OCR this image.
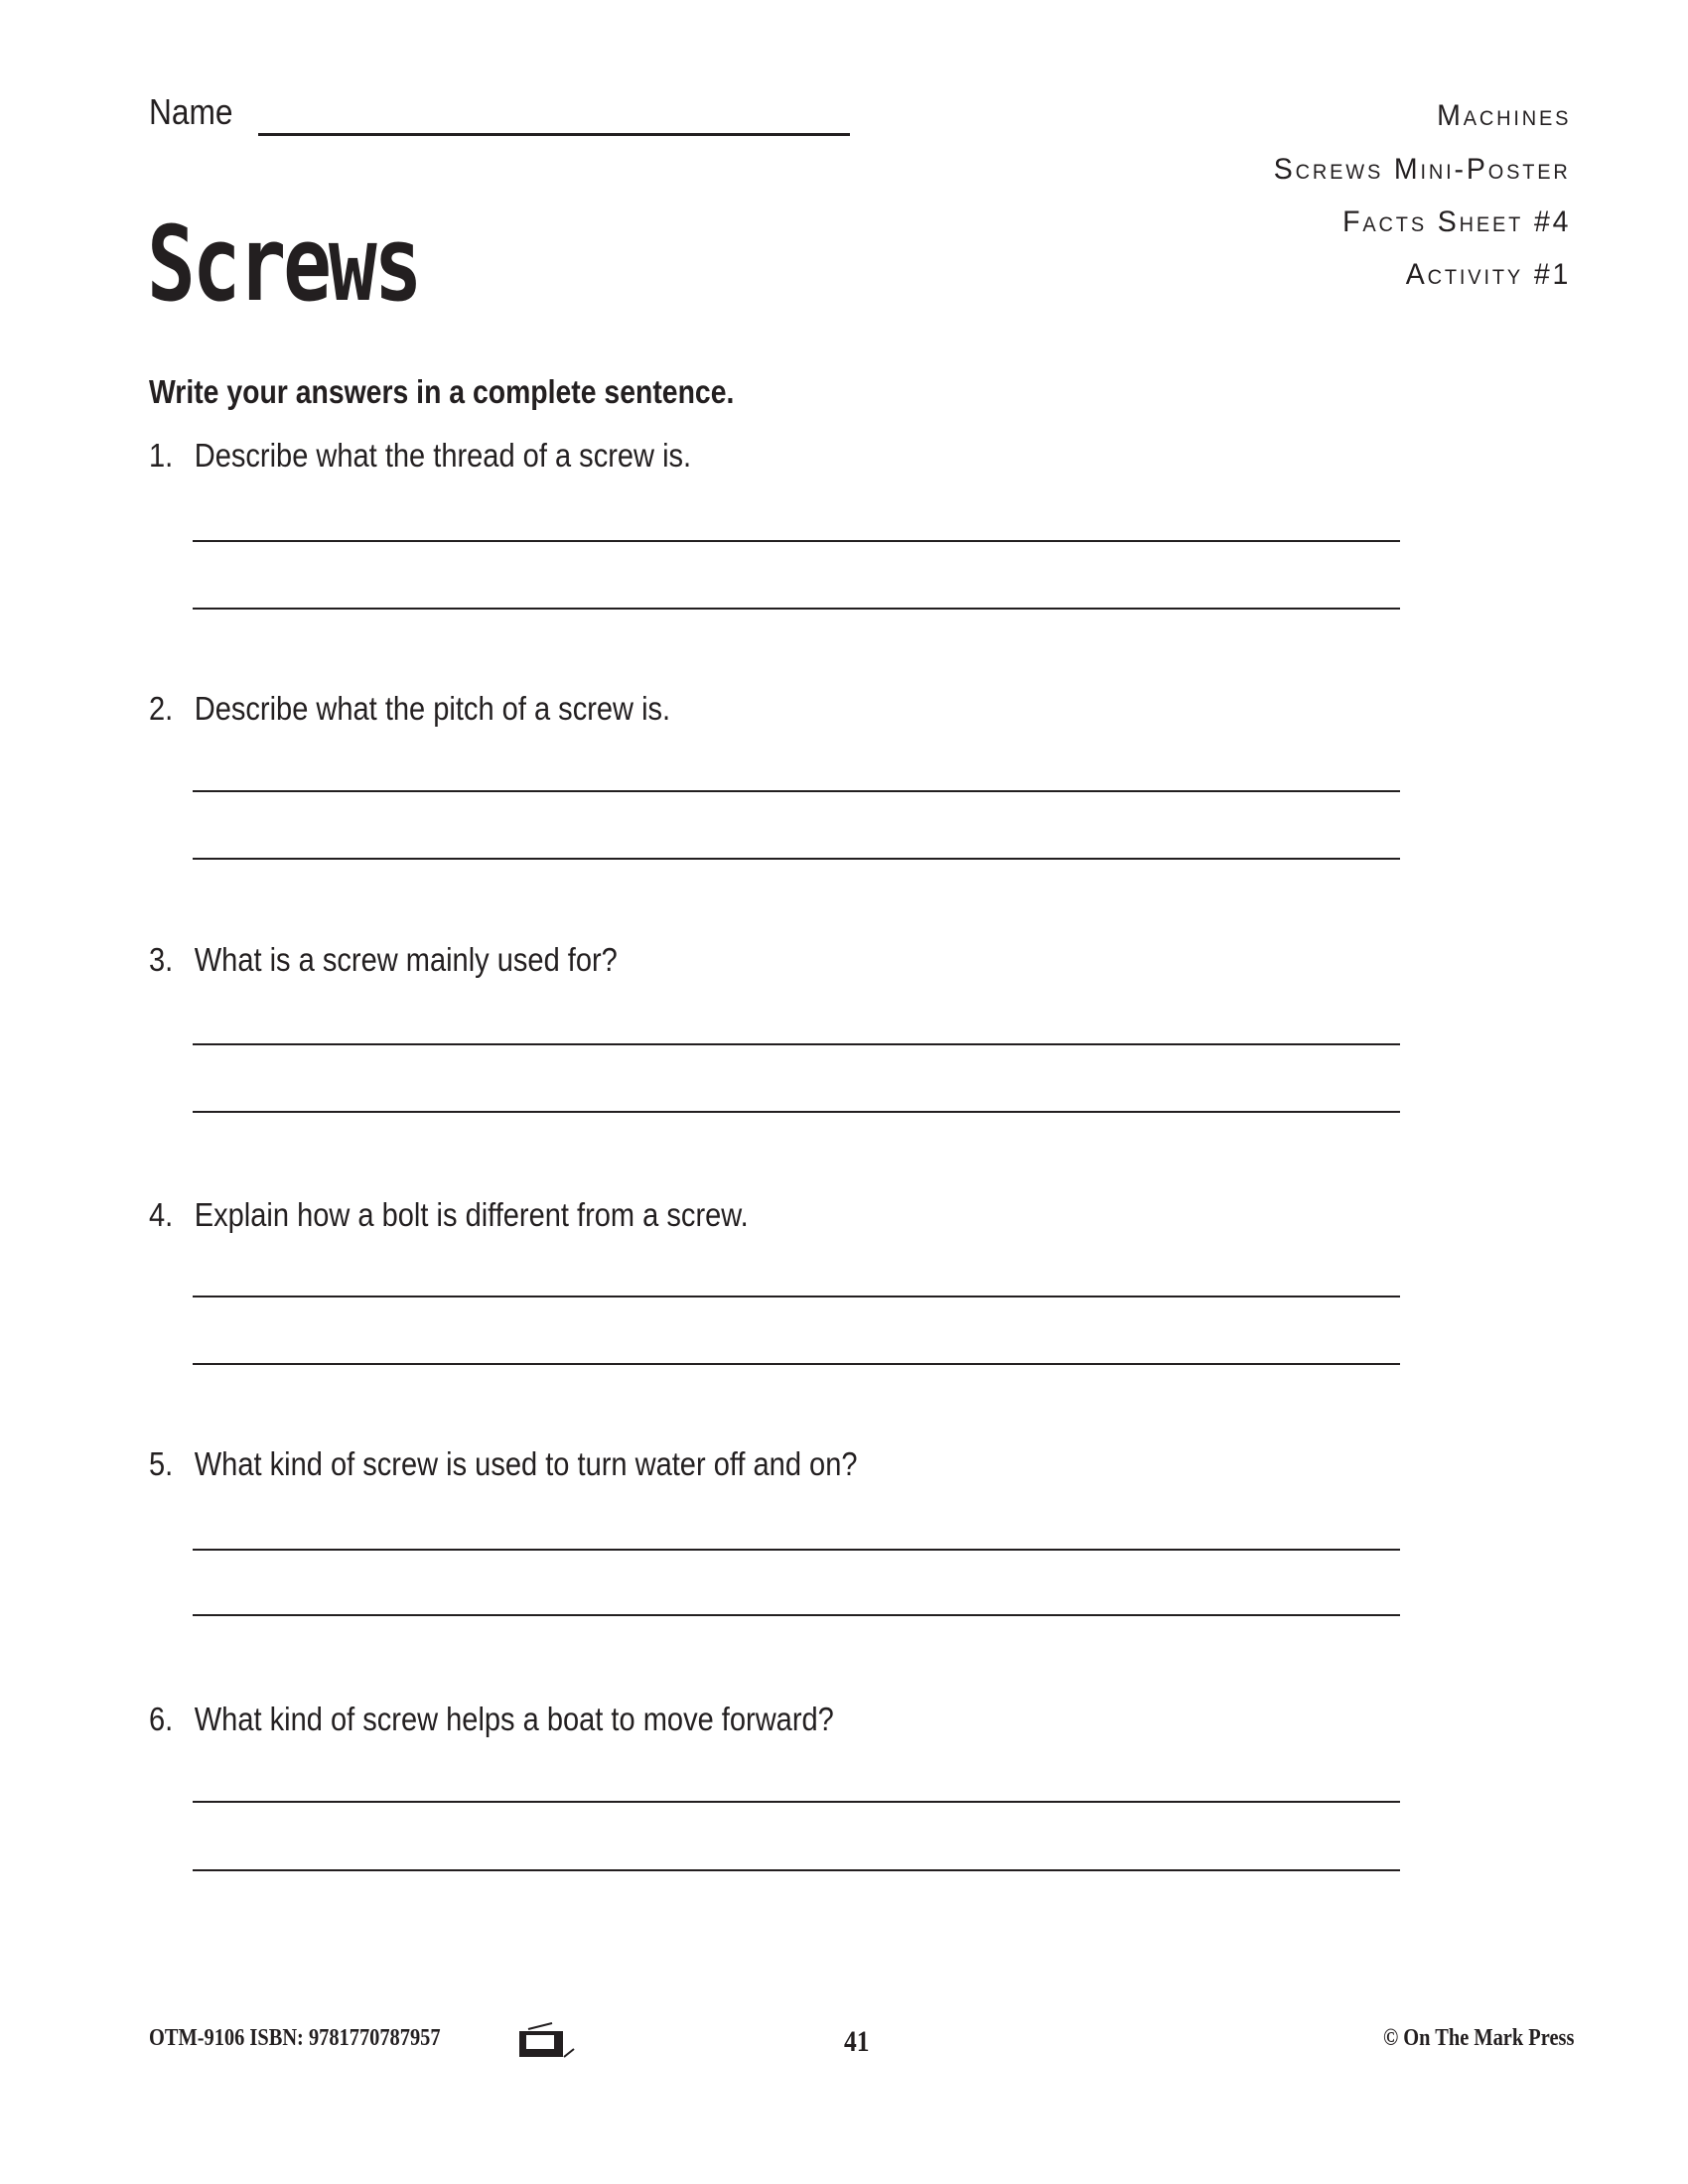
Name	Machines
Screws Mini-Poster
Facts Sheet #4
Activity #1
Screws
Write your answers in a complete sentence.
1. Describe what the thread of a screw is.
2. Describe what the pitch of a screw is.
3. What is a screw mainly used for?
4. Explain how a bolt is different from a screw.
5. What kind of screw is used to turn water off and on?
6. What kind of screw helps a boat to move forward?
OTM-9106 ISBN: 9781770787957	41	© On The Mark Press
